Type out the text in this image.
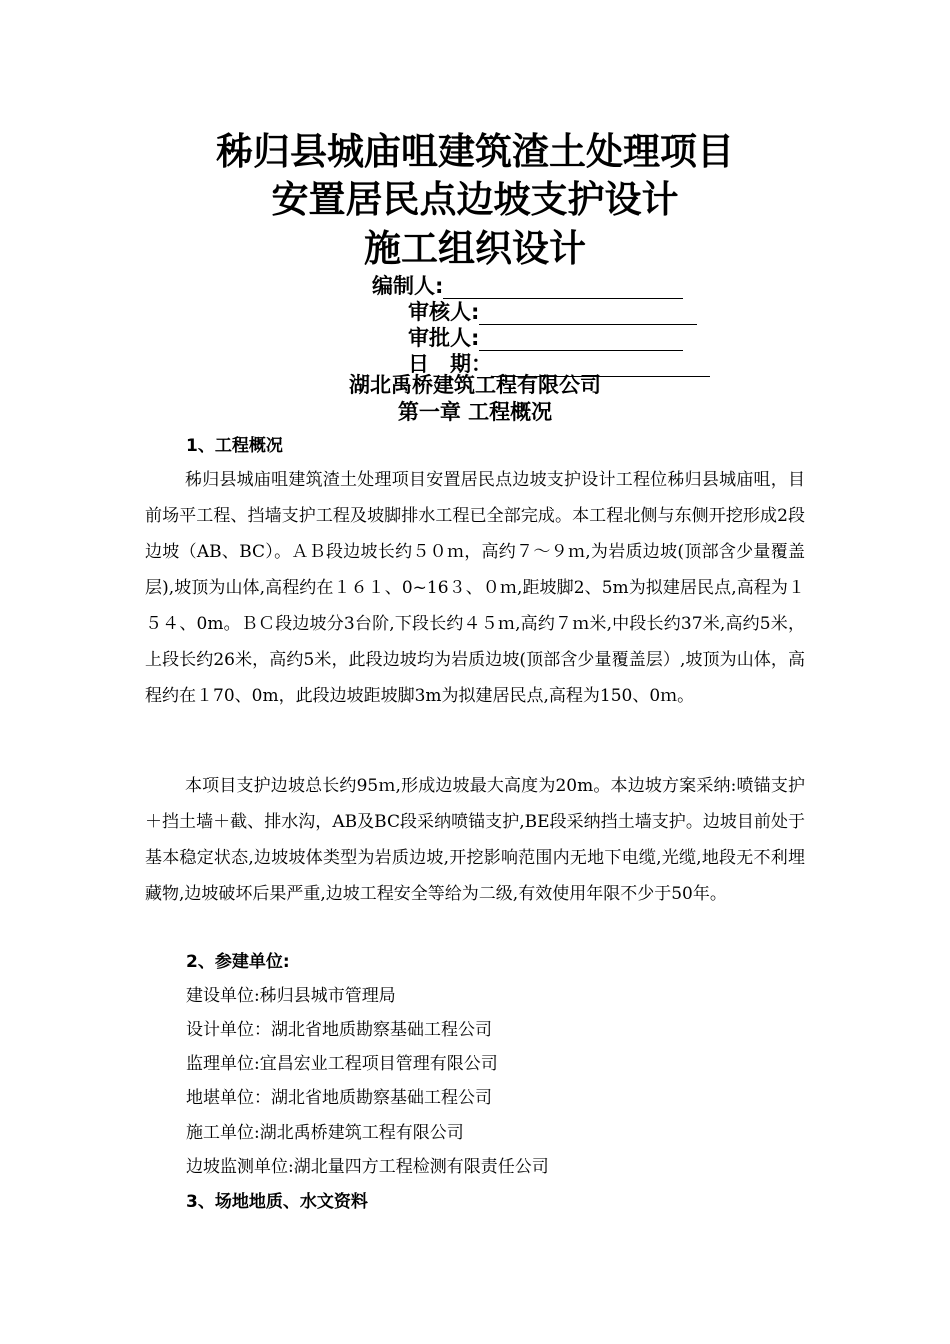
秭归县城庙咀建筑渣土处理项目
安置居民点边坡支护设计
施工组织设计
编制人:
审核人:
审批人:
日　期：
湖北禹桥建筑工程有限公司
第一章 工程概况
1、工程概况
秭归县城庙咀建筑渣土处理项目安置居民点边坡支护设计工程位秭归县城庙咀，目前场平工程、挡墙支护工程及坡脚排水工程已全部完成。本工程北侧与东侧开挖形成2段边坡（AB、BC）。ＡＢ段边坡长约５０ｍ，高约７～９ｍ,为岩质边坡(顶部含少量覆盖层),坡顶为山体,高程约在１６１、0~16３、０ｍ,距坡脚2、5m为拟建居民点,高程为１５４、0m。ＢＣ段边坡分3台阶,下段长约４５ｍ,高约７ｍ米,中段长约37米,高约5米，上段长约26米，高约5米，此段边坡均为岩质边坡(顶部含少量覆盖层）,坡顶为山体，高程约在１70、0m，此段边坡距坡脚3m为拟建居民点,高程为150、0ｍ。
本项目支护边坡总长约95ｍ,形成边坡最大高度为20m。本边坡方案采纳:喷锚支护＋挡土墙＋截、排水沟，AB及BC段采纳喷锚支护,BE段采纳挡土墙支护。边坡目前处于基本稳定状态,边坡坡体类型为岩质边坡,开挖影响范围内无地下电缆,光缆,地段无不利埋藏物,边坡破坏后果严重,边坡工程安全等给为二级,有效使用年限不少于50年。
2、参建单位:
建设单位:秭归县城市管理局
设计单位：湖北省地质勘察基础工程公司
监理单位:宜昌宏业工程项目管理有限公司
地堪单位：湖北省地质勘察基础工程公司
施工单位:湖北禹桥建筑工程有限公司
边坡监测单位:湖北量四方工程检测有限责任公司
3、场地地质、水文资料
